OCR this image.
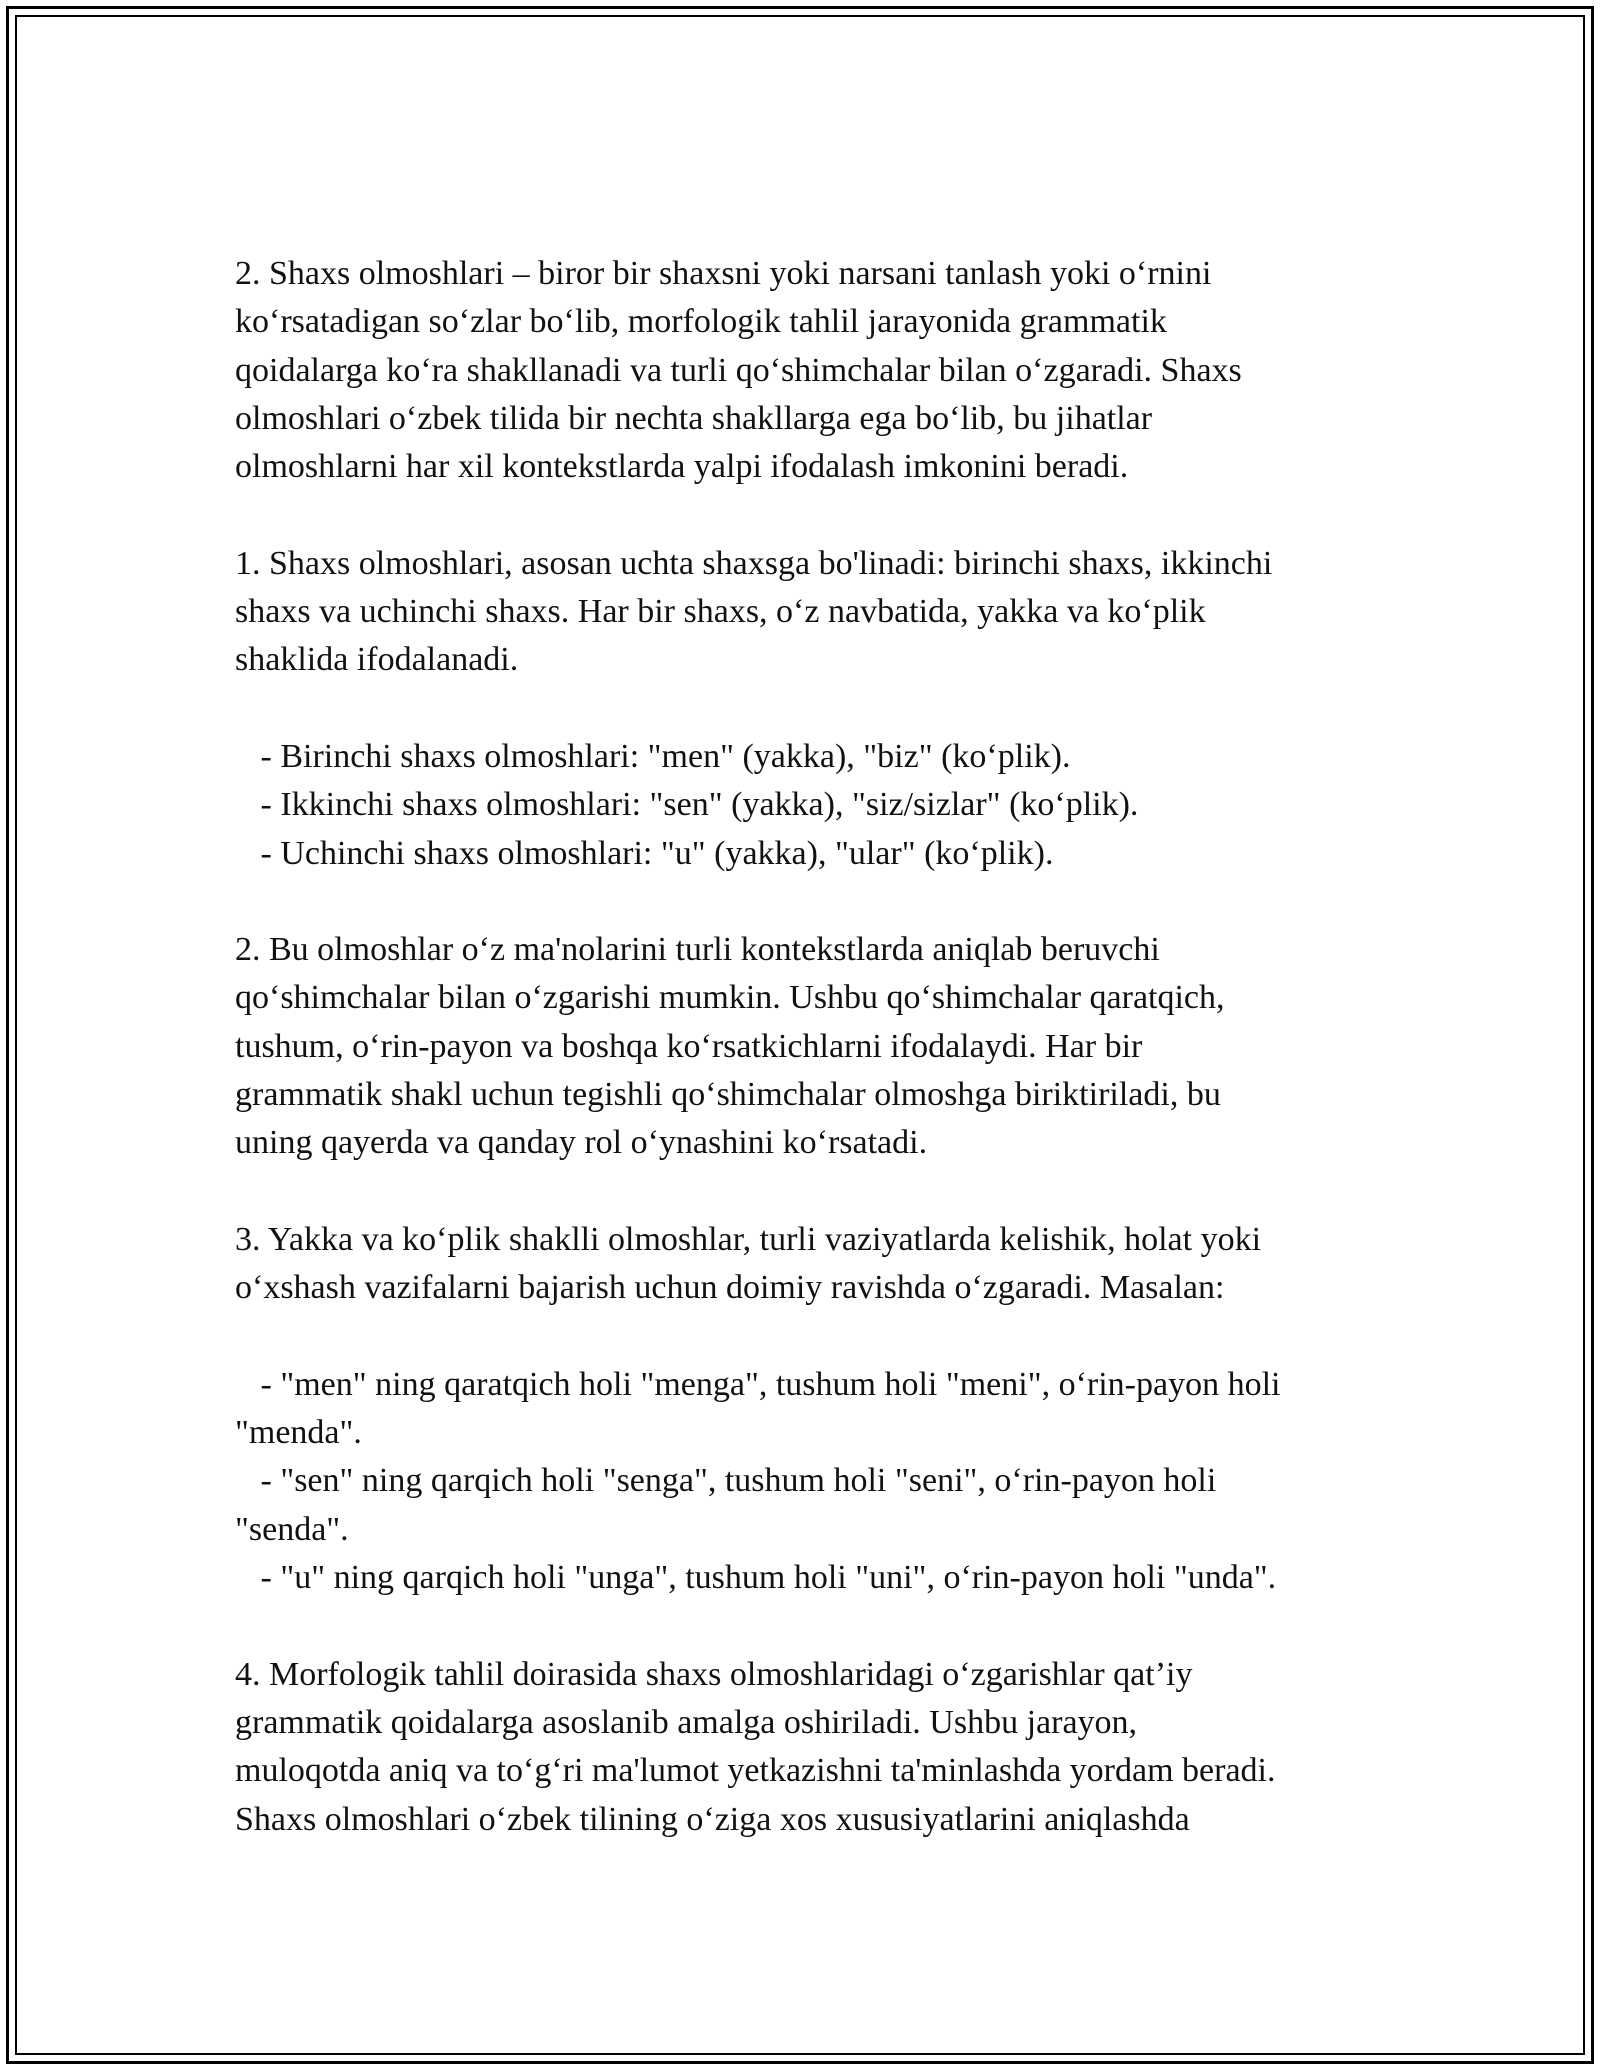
2. Shaxs olmoshlari – biror bir shaxsni yoki narsani tanlash yoki o‘rnini

ko‘rsatadigan so‘zlar bo‘lib, morfologik tahlil jarayonida grammatik

qoidalarga ko‘ra shakllanadi va turli qo‘shimchalar bilan o‘zgaradi. Shaxs

olmoshlari o‘zbek tilida bir nechta shakllarga ega bo‘lib, bu jihatlar

olmoshlarni har xil kontekstlarda yalpi ifodalash imkonini beradi.

1. Shaxs olmoshlari, asosan uchta shaxsga bo'linadi: birinchi shaxs, ikkinchi

shaxs va uchinchi shaxs. Har bir shaxs, o‘z navbatida, yakka va ko‘plik

shaklida ifodalanadi.

- Birinchi shaxs olmoshlari: "men" (yakka), "biz" (ko‘plik).

- Ikkinchi shaxs olmoshlari: "sen" (yakka), "siz/sizlar" (ko‘plik).

- Uchinchi shaxs olmoshlari: "u" (yakka), "ular" (ko‘plik).

2. Bu olmoshlar o‘z ma'nolarini turli kontekstlarda aniqlab beruvchi

qo‘shimchalar bilan o‘zgarishi mumkin. Ushbu qo‘shimchalar qaratqich,

tushum, o‘rin-payon va boshqa ko‘rsatkichlarni ifodalaydi. Har bir

grammatik shakl uchun tegishli qo‘shimchalar olmoshga biriktiriladi, bu

uning qayerda va qanday rol o‘ynashini ko‘rsatadi.

3. Yakka va ko‘plik shaklli olmoshlar, turli vaziyatlarda kelishik, holat yoki

o‘xshash vazifalarni bajarish uchun doimiy ravishda o‘zgaradi. Masalan:

- "men" ning qaratqich holi "menga", tushum holi "meni", o‘rin-payon holi

"menda".

- "sen" ning qarqich holi "senga", tushum holi "seni", o‘rin-payon holi

"senda".

- "u" ning qarqich holi "unga", tushum holi "uni", o‘rin-payon holi "unda".

4. Morfologik tahlil doirasida shaxs olmoshlaridagi o‘zgarishlar qat’iy

grammatik qoidalarga asoslanib amalga oshiriladi. Ushbu jarayon,

muloqotda aniq va to‘g‘ri ma'lumot yetkazishni ta'minlashda yordam beradi.

Shaxs olmoshlari o‘zbek tilining o‘ziga xos xususiyatlarini aniqlashda
